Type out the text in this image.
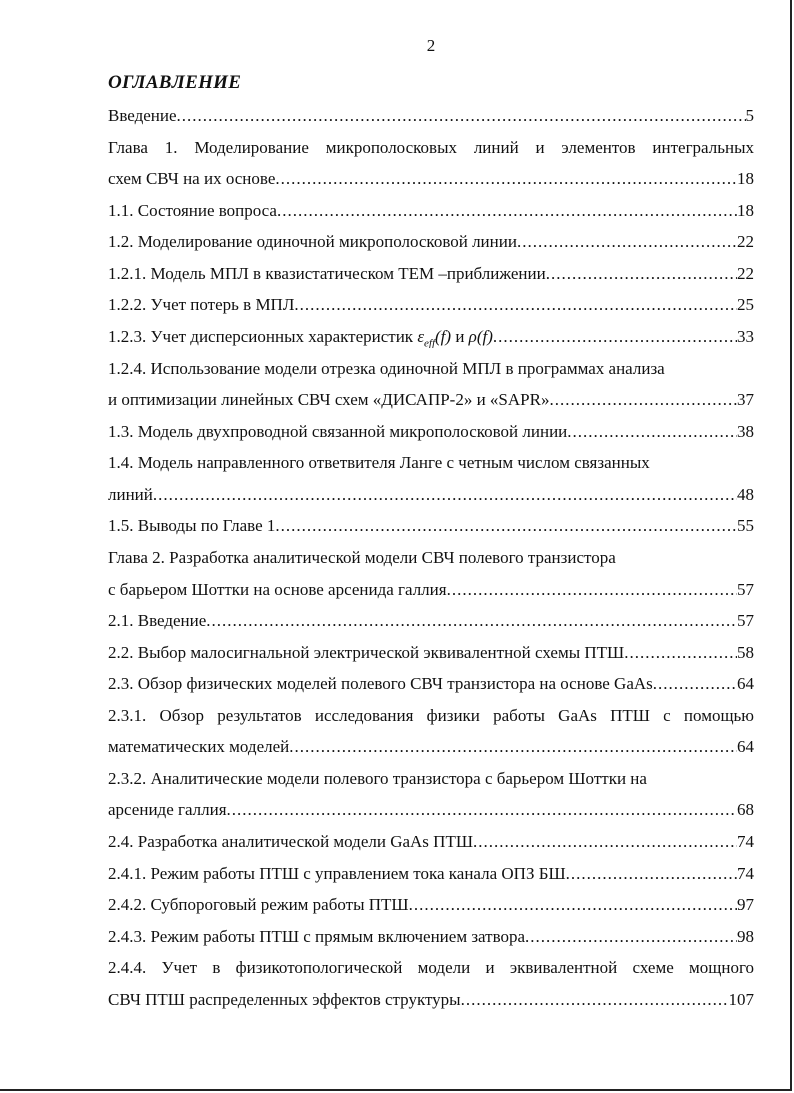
2
ОГЛАВЛЕНИЕ
Введение .....	5
Глава 1. Моделирование микрополосковых линий и элементов интегральных
схем СВЧ на их основе .....	18
1.1. Состояние вопроса .....	18
1.2. Моделирование одиночной микрополосковой линии .....	22
1.2.1. Модель МПЛ в квазистатическом ТЕМ –приближении .....	22
1.2.2. Учет потерь в МПЛ .....	25
1.2.3. Учет дисперсионных характеристик $\varepsilon_{eff}(f)$ и ρ(f) .....	33
1.2.4. Использование модели отрезка одиночной МПЛ в программах анализа
и оптимизации линейных СВЧ схем «ДИСАПР-2» и «SAPR» .....	37
1.3. Модель двухпроводной связанной микрополосковой линии .....	38
1.4. Модель направленного ответвителя Ланге с четным числом связанных
линий .....	48
1.5. Выводы по Главе 1 .....	55
Глава 2. Разработка аналитической модели СВЧ полевого транзистора
с барьером Шоттки на основе арсенида галлия .....	57
2.1. Введение .....	57
2.2. Выбор малосигнальной электрической эквивалентной схемы ПТШ .....	58
2.3. Обзор физических моделей полевого СВЧ транзистора на основе GaAs .....	64
2.3.1. Обзор результатов исследования физики работы GaAs ПТШ с помощью
математических моделей .....	64
2.3.2. Аналитические модели полевого транзистора с барьером Шоттки на
арсениде галлия .....	68
2.4. Разработка аналитической модели GaAs ПТШ .....	74
2.4.1. Режим работы ПТШ с управлением тока канала ОПЗ БШ .....	74
2.4.2. Субпороговый режим работы ПТШ .....	97
2.4.3. Режим работы ПТШ с прямым включением затвора .....	98
2.4.4. Учет в физикотопологической модели и эквивалентной схеме мощного
СВЧ ПТШ распределенных эффектов структуры .....	107
